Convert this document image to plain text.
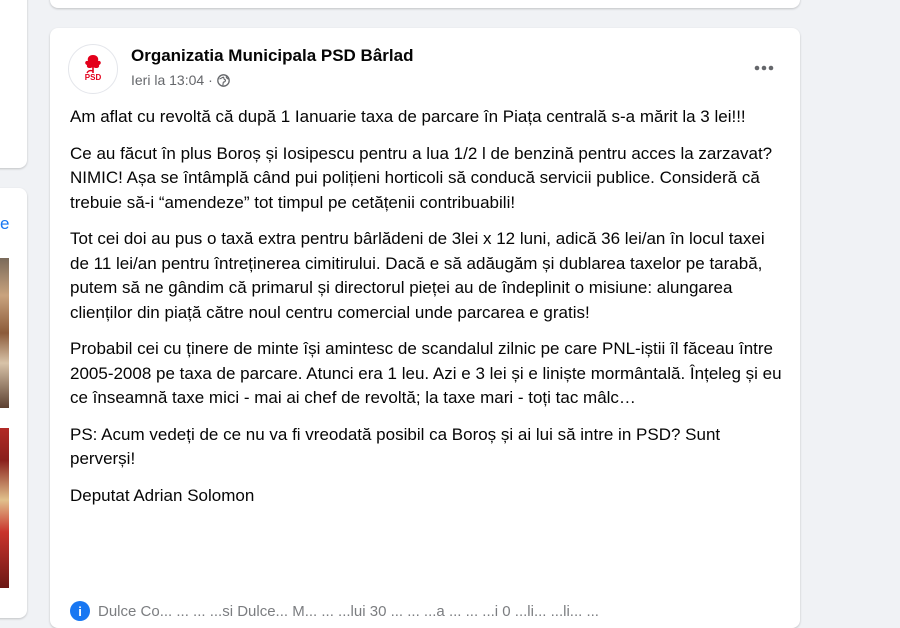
e
PSD
Organizatia Municipala PSD Bârlad
Ieri la 13:04 ·

Am aflat cu revoltă că după 1 Ianuarie taxa de parcare în Piața centrală s-a mărit la 3 lei!!!

Ce au făcut în plus Boroș și Iosipescu pentru a lua 1/2 l de benzină pentru acces la zarzavat? NIMIC! Așa se întâmplă când pui polițieni horticoli să conducă servicii publice. Consideră că trebuie să-i “amendeze” tot timpul pe cetățenii contribuabili!

Tot cei doi au pus o taxă extra pentru bârlădeni de 3lei x 12 luni, adică 36 lei/an în locul taxei de 11 lei/an pentru întreținerea cimitirului. Dacă e să adăugăm și dublarea taxelor pe tarabă, putem să ne gândim că primarul și directorul pieței au de îndeplinit o misiune: alungarea clienților din piață către noul centru comercial unde parcarea e gratis!

Probabil cei cu ținere de minte își amintesc de scandalul zilnic pe care PNL-iștii îl făceau între 2005-2008 pe taxa de parcare. Atunci era 1 leu. Azi e 3 lei și e liniște mormântală. Înțeleg și eu ce înseamnă taxe mici - mai ai chef de revoltă; la taxe mari - toți tac mâlc…

PS: Acum vedeți de ce nu va fi vreodată posibil ca Boroș și ai lui să intre in PSD? Sunt perverși!

Deputat Adrian Solomon

i	Dulce Co... ... ... ...si Dulce... M... ... ...lui 30 ... ... ...a ... ... ...i 0 ...li... ...li... ...
